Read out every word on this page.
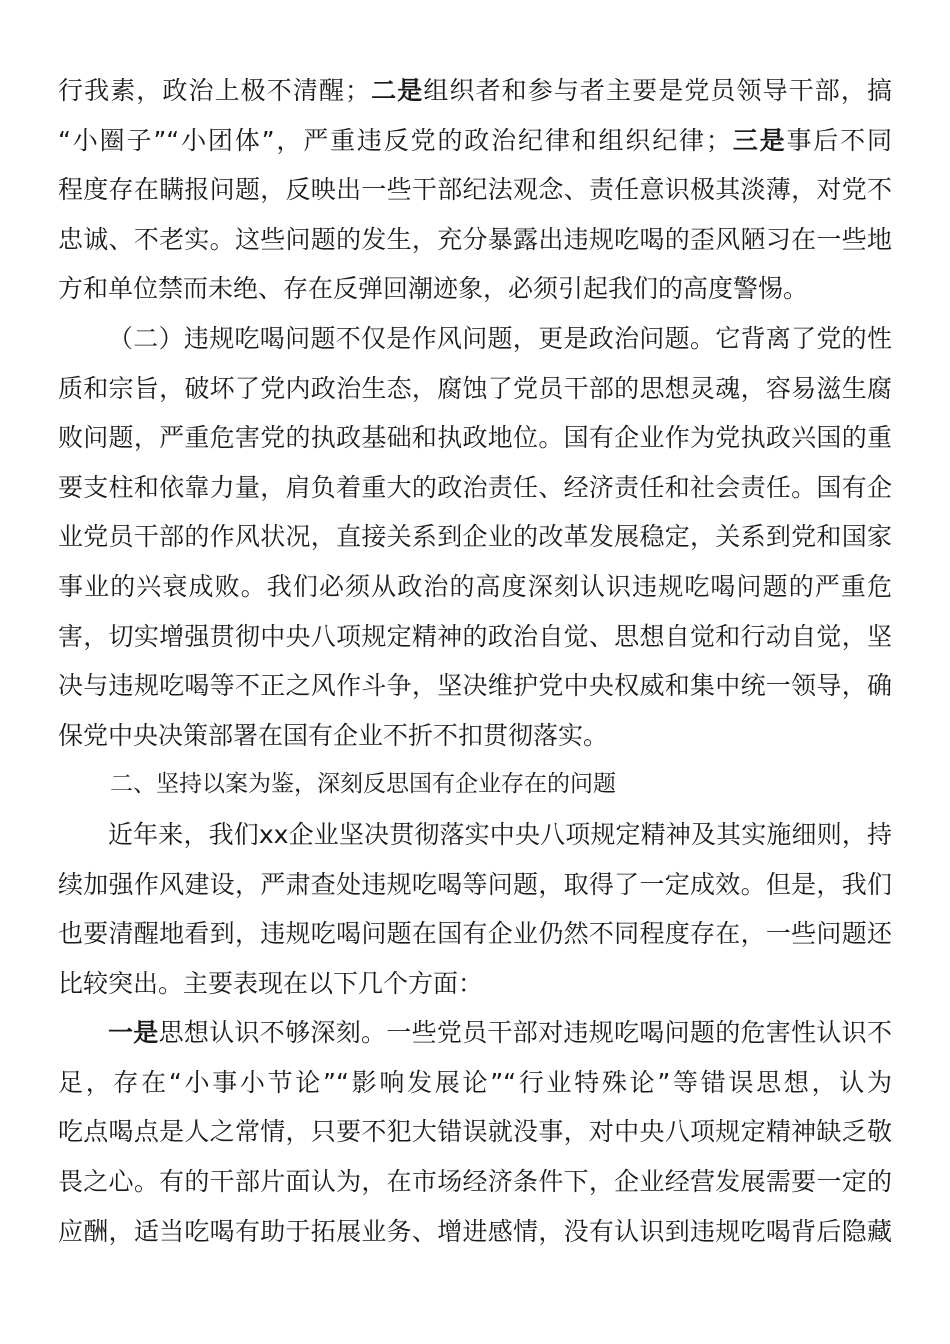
行我素，政治上极不清醒；二是组织者和参与者主要是党员领导干部，搞
“小圈子”“小团体”，严重违反党的政治纪律和组织纪律；三是事后不同
程度存在瞒报问题，反映出一些干部纪法观念、责任意识极其淡薄，对党不
忠诚、不老实。这些问题的发生，充分暴露出违规吃喝的歪风陋习在一些地
方和单位禁而未绝、存在反弹回潮迹象，必须引起我们的高度警惕。
（二）违规吃喝问题不仅是作风问题，更是政治问题。它背离了党的性
质和宗旨，破坏了党内政治生态，腐蚀了党员干部的思想灵魂，容易滋生腐
败问题，严重危害党的执政基础和执政地位。国有企业作为党执政兴国的重
要支柱和依靠力量，肩负着重大的政治责任、经济责任和社会责任。国有企
业党员干部的作风状况，直接关系到企业的改革发展稳定，关系到党和国家
事业的兴衰成败。我们必须从政治的高度深刻认识违规吃喝问题的严重危
害，切实增强贯彻中央八项规定精神的政治自觉、思想自觉和行动自觉，坚
决与违规吃喝等不正之风作斗争，坚决维护党中央权威和集中统一领导，确
保党中央决策部署在国有企业不折不扣贯彻落实。
二、坚持以案为鉴，深刻反思国有企业存在的问题
近年来，我们xx企业坚决贯彻落实中央八项规定精神及其实施细则，持
续加强作风建设，严肃查处违规吃喝等问题，取得了一定成效。但是，我们
也要清醒地看到，违规吃喝问题在国有企业仍然不同程度存在，一些问题还
比较突出。主要表现在以下几个方面：
一是思想认识不够深刻。一些党员干部对违规吃喝问题的危害性认识不
足，存在“小事小节论”“影响发展论”“行业特殊论”等错误思想，认为
吃点喝点是人之常情，只要不犯大错误就没事，对中央八项规定精神缺乏敬
畏之心。有的干部片面认为，在市场经济条件下，企业经营发展需要一定的
应酬，适当吃喝有助于拓展业务、增进感情，没有认识到违规吃喝背后隐藏
